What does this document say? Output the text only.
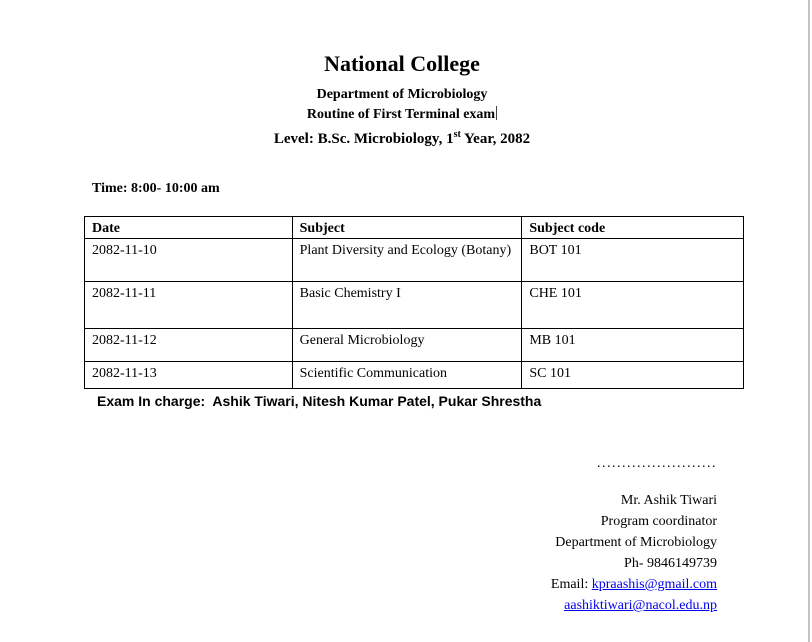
National College
Department of Microbiology
Routine of First Terminal exam
Level: B.Sc. Microbiology, 1st Year, 2082
Time: 8:00- 10:00 am
Date	Subject	Subject code
2082-11-10	Plant Diversity and Ecology (Botany)	BOT 101
2082-11-11	Basic Chemistry I	CHE 101
2082-11-12	General Microbiology	MB 101
2082-11-13	Scientific Communication	SC 101
Exam In charge:  Ashik Tiwari, Nitesh Kumar Patel, Pukar Shrestha
........................
Mr. Ashik Tiwari
Program coordinator
Department of Microbiology
Ph- 9846149739
Email: kpraashis@gmail.com
aashiktiwari@nacol.edu.np
